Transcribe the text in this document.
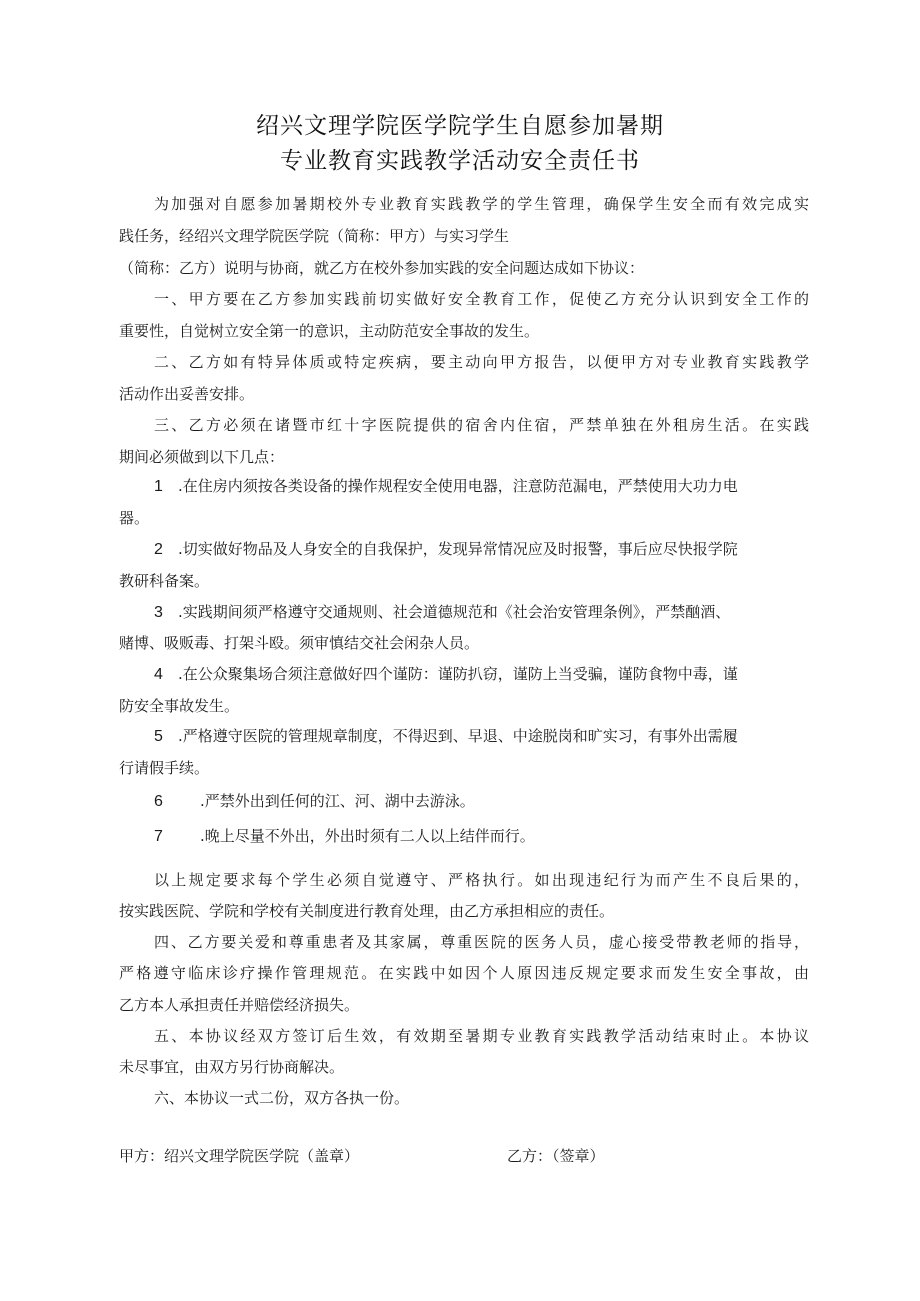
绍兴文理学院医学院学生自愿参加暑期
专业教育实践教学活动安全责任书
为加强对自愿参加暑期校外专业教育实践教学的学生管理，确保学生安全而有效完成实
践任务，经绍兴文理学院医学院（简称：甲方）与实习学生
（简称：乙方）说明与协商，就乙方在校外参加实践的安全问题达成如下协议：
一、甲方要在乙方参加实践前切实做好安全教育工作，促使乙方充分认识到安全工作的
重要性，自觉树立安全第一的意识，主动防范安全事故的发生。
二、乙方如有特异体质或特定疾病，要主动向甲方报告，以便甲方对专业教育实践教学
活动作出妥善安排。
三、乙方必须在诸暨市红十字医院提供的宿舍内住宿，严禁单独在外租房生活。在实践
期间必须做到以下几点：
1 .在住房内须按各类设备的操作规程安全使用电器，注意防范漏电，严禁使用大功力电
器。
2 .切实做好物品及人身安全的自我保护，发现异常情况应及时报警，事后应尽快报学院
教研科备案。
3 .实践期间须严格遵守交通规则、社会道德规范和《社会治安管理条例》，严禁酗酒、
赌博、吸贩毒、打架斗殴。须审慎结交社会闲杂人员。
4 .在公众聚集场合须注意做好四个谨防：谨防扒窃，谨防上当受骗，谨防食物中毒，谨
防安全事故发生。
5 .严格遵守医院的管理规章制度，不得迟到、早退、中途脱岗和旷实习，有事外出需履
行请假手续。
6 .严禁外出到任何的江、河、湖中去游泳。
7 .晚上尽量不外出，外出时须有二人以上结伴而行。
以上规定要求每个学生必须自觉遵守、严格执行。如出现违纪行为而产生不良后果的，
按实践医院、学院和学校有关制度进行教育处理，由乙方承担相应的责任。
四、乙方要关爱和尊重患者及其家属，尊重医院的医务人员，虚心接受带教老师的指导，
严格遵守临床诊疗操作管理规范。在实践中如因个人原因违反规定要求而发生安全事故，由
乙方本人承担责任并赔偿经济损失。
五、本协议经双方签订后生效，有效期至暑期专业教育实践教学活动结束时止。本协议
未尽事宜，由双方另行协商解决。
六、本协议一式二份，双方各执一份。
甲方：绍兴文理学院医学院（盖章）	乙方：（签章）
